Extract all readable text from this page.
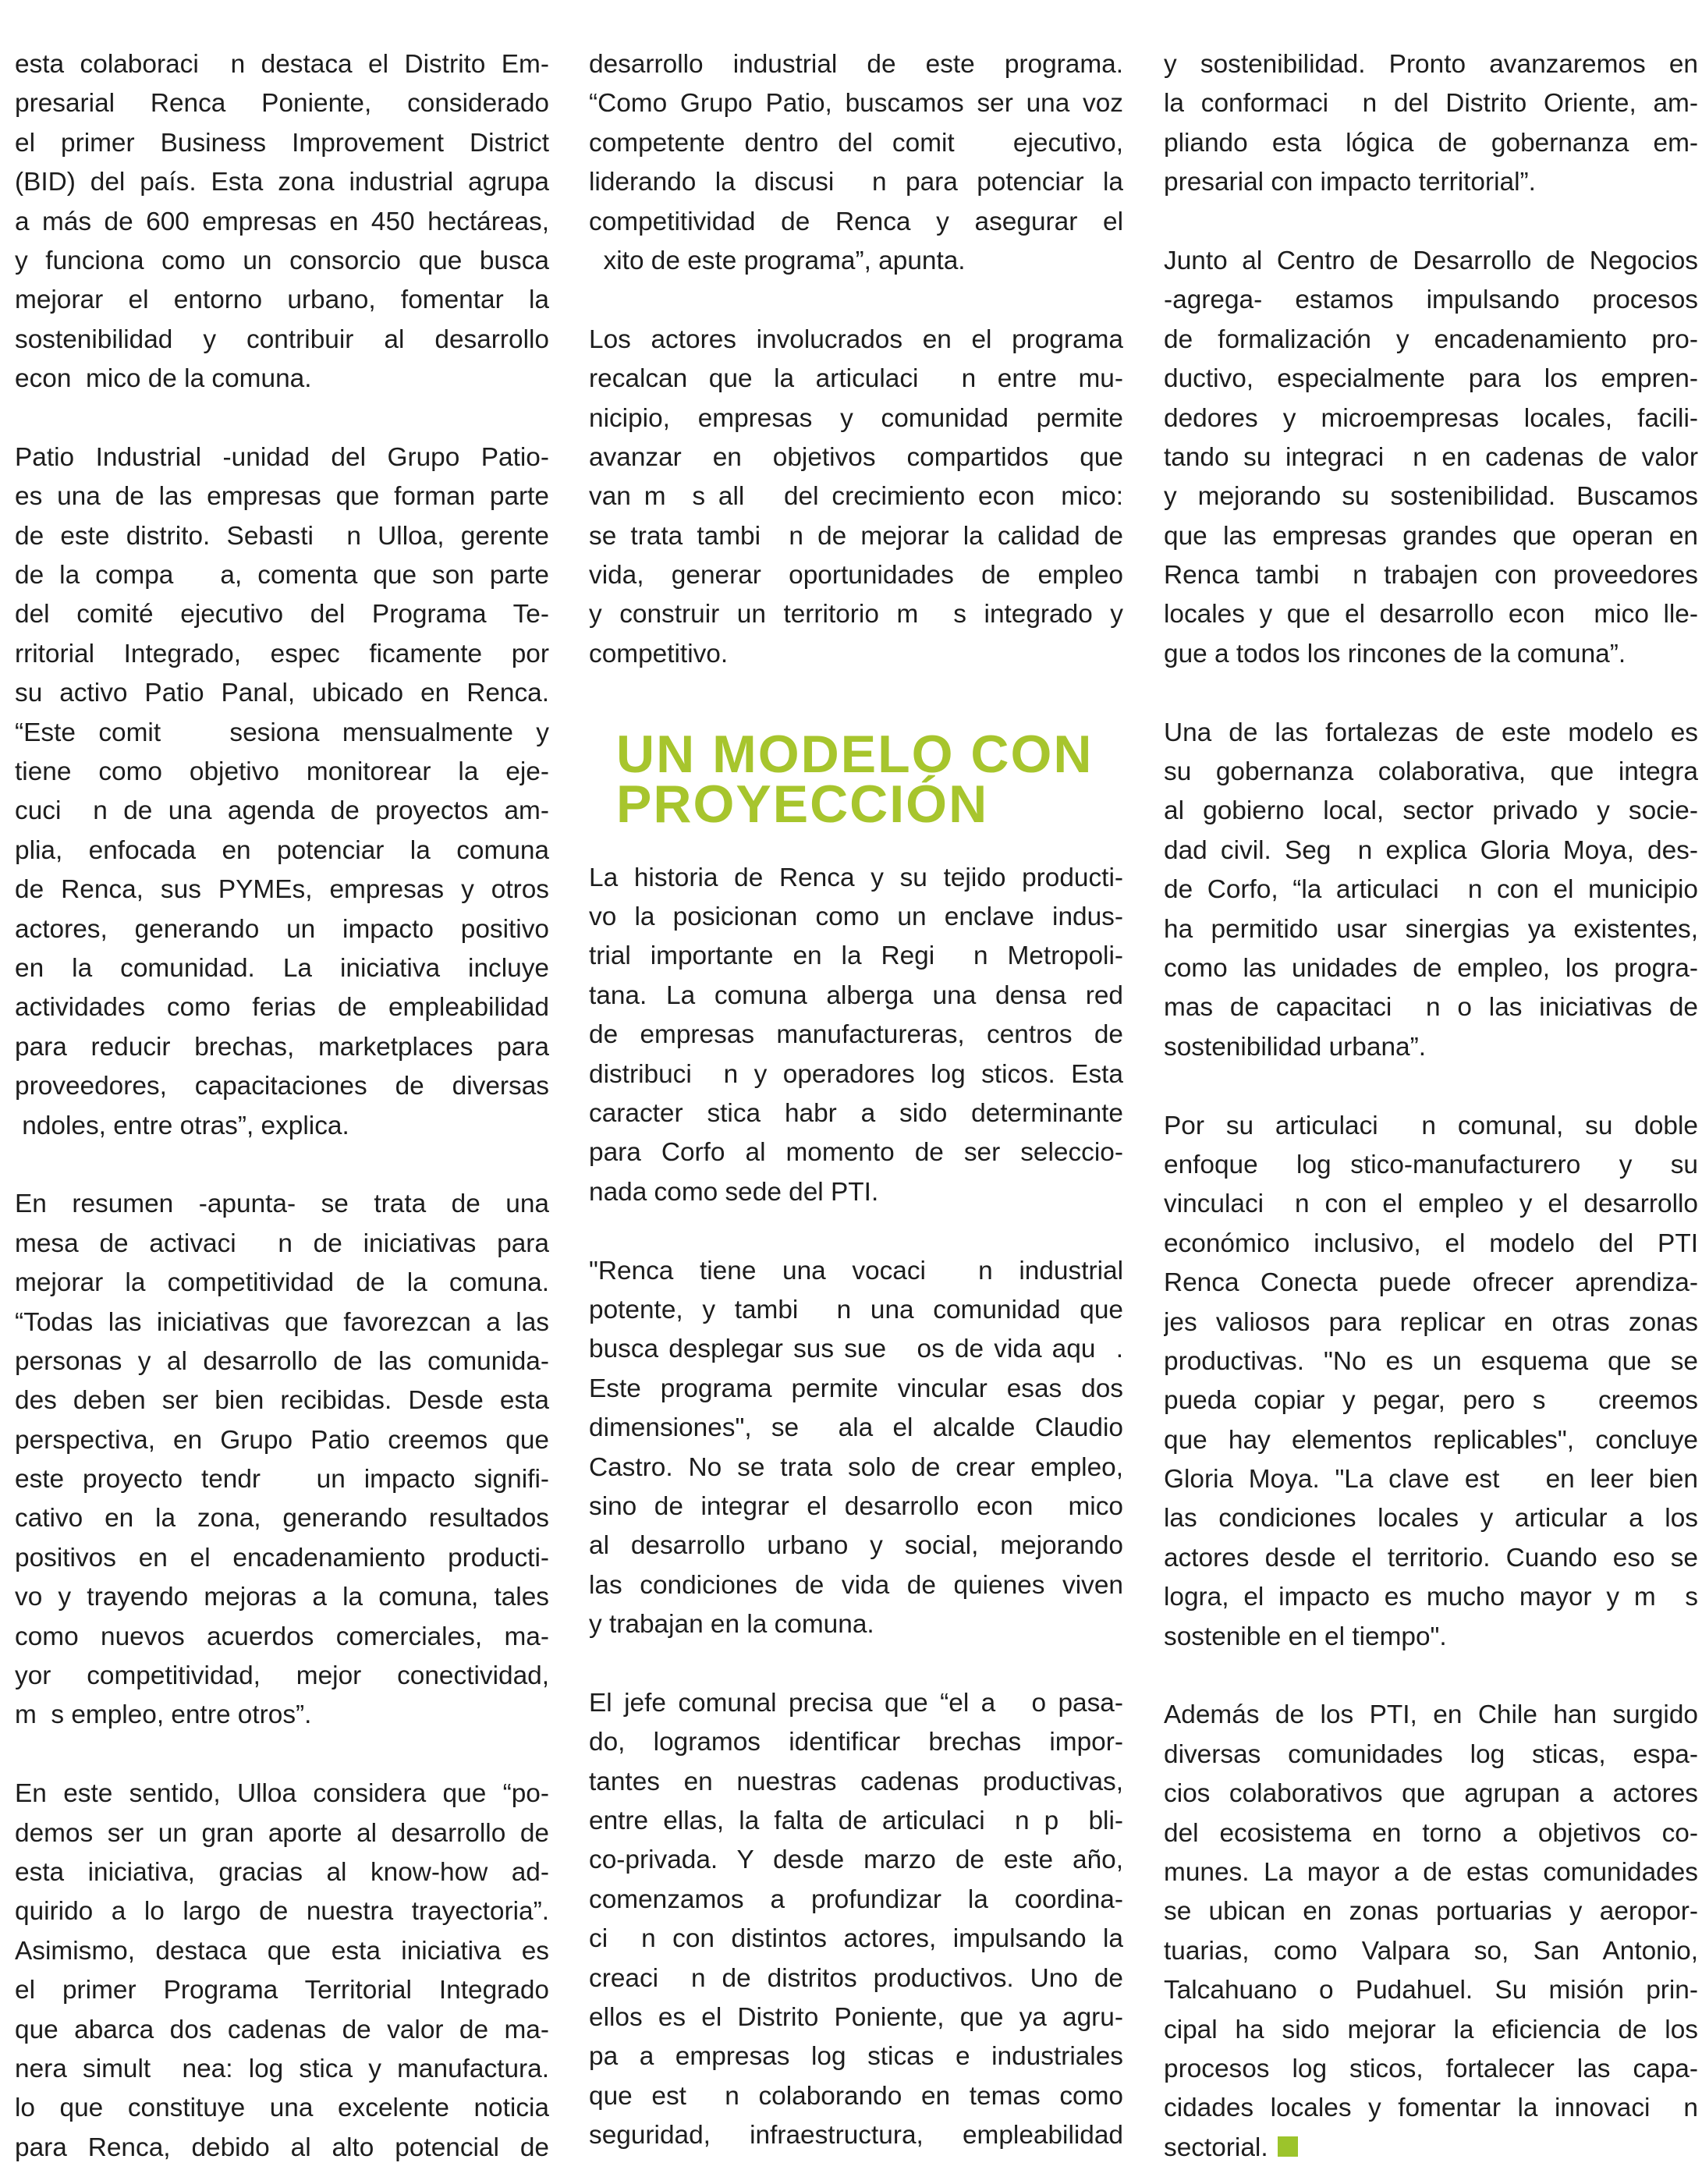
esta colaboraci  n destaca el Distrito Em-
presarial Renca Poniente, considerado
el primer Business Improvement District
(BID) del país. Esta zona industrial agrupa
a más de 600 empresas en 450 hectáreas,
y funciona como un consorcio que busca
mejorar el entorno urbano, fomentar la
sostenibilidad y contribuir al desarrollo
econ  mico de la comuna.
Patio Industrial -unidad del Grupo Patio-
es una de las empresas que forman parte
de este distrito. Sebasti  n Ulloa, gerente
de la compa   a, comenta que son parte
del comité ejecutivo del Programa Te-
rritorial Integrado, espec ficamente por
su activo Patio Panal, ubicado en Renca.
“Este comit   sesiona mensualmente y
tiene como objetivo monitorear la eje-
cuci  n de una agenda de proyectos am-
plia, enfocada en potenciar la comuna
de Renca, sus PYMEs, empresas y otros
actores, generando un impacto positivo
en la comunidad. La iniciativa incluye
actividades como ferias de empleabilidad
para reducir brechas, marketplaces para
proveedores, capacitaciones de diversas
ndoles, entre otras”, explica.
En resumen -apunta- se trata de una
mesa de activaci  n de iniciativas para
mejorar la competitividad de la comuna.
“Todas las iniciativas que favorezcan a las
personas y al desarrollo de las comunida-
des deben ser bien recibidas. Desde esta
perspectiva, en Grupo Patio creemos que
este proyecto tendr   un impacto signifi-
cativo en la zona, generando resultados
positivos en el encadenamiento producti-
vo y trayendo mejoras a la comuna, tales
como nuevos acuerdos comerciales, ma-
yor competitividad, mejor conectividad,
m  s empleo, entre otros”.
En este sentido, Ulloa considera que “po-
demos ser un gran aporte al desarrollo de
esta iniciativa, gracias al know-how ad-
quirido a lo largo de nuestra trayectoria”.
Asimismo, destaca que esta iniciativa es
el primer Programa Territorial Integrado
que abarca dos cadenas de valor de ma-
nera simult  nea: log stica y manufactura.
lo que constituye una excelente noticia
para Renca, debido al alto potencial de
desarrollo industrial de este programa.
“Como Grupo Patio, buscamos ser una voz
competente dentro del comit   ejecutivo,
liderando la discusi  n para potenciar la
competitividad de Renca y asegurar el
xito de este programa”, apunta.
Los actores involucrados en el programa
recalcan que la articulaci  n entre mu-
nicipio, empresas y comunidad permite
avanzar en objetivos compartidos que
van m  s all   del crecimiento econ  mico:
se trata tambi  n de mejorar la calidad de
vida, generar oportunidades de empleo
y construir un territorio m  s integrado y
competitivo.
UN MODELO CON
PROYECCIÓN
La historia de Renca y su tejido producti-
vo la posicionan como un enclave indus-
trial importante en la Regi  n Metropoli-
tana. La comuna alberga una densa red
de empresas manufactureras, centros de
distribuci  n y operadores log sticos. Esta
caracter stica habr a sido determinante
para Corfo al momento de ser seleccio-
nada como sede del PTI.
"Renca tiene una vocaci  n industrial
potente, y tambi  n una comunidad que
busca desplegar sus sue   os de vida aqu  .
Este programa permite vincular esas dos
dimensiones", se  ala el alcalde Claudio
Castro. No se trata solo de crear empleo,
sino de integrar el desarrollo econ  mico
al desarrollo urbano y social, mejorando
las condiciones de vida de quienes viven
y trabajan en la comuna.
El jefe comunal precisa que “el a   o pasa-
do, logramos identificar brechas impor-
tantes en nuestras cadenas productivas,
entre ellas, la falta de articulaci  n p  bli-
co-privada. Y desde marzo de este año,
comenzamos a profundizar la coordina-
ci  n con distintos actores, impulsando la
creaci  n de distritos productivos. Uno de
ellos es el Distrito Poniente, que ya agru-
pa a empresas log sticas e industriales
que est  n colaborando en temas como
seguridad, infraestructura, empleabilidad
y sostenibilidad. Pronto avanzaremos en
la conformaci  n del Distrito Oriente, am-
pliando esta lógica de gobernanza em-
presarial con impacto territorial”.
Junto al Centro de Desarrollo de Negocios
-agrega- estamos impulsando procesos
de formalización y encadenamiento pro-
ductivo, especialmente para los empren-
dedores y microempresas locales, facili-
tando su integraci  n en cadenas de valor
y mejorando su sostenibilidad. Buscamos
que las empresas grandes que operan en
Renca tambi  n trabajen con proveedores
locales y que el desarrollo econ  mico lle-
gue a todos los rincones de la comuna”.
Una de las fortalezas de este modelo es
su gobernanza colaborativa, que integra
al gobierno local, sector privado y socie-
dad civil. Seg  n explica Gloria Moya, des-
de Corfo, “la articulaci  n con el municipio
ha permitido usar sinergias ya existentes,
como las unidades de empleo, los progra-
mas de capacitaci  n o las iniciativas de
sostenibilidad urbana”.
Por su articulaci  n comunal, su doble
enfoque  log stico-manufacturero  y  su
vinculaci  n con el empleo y el desarrollo
económico inclusivo, el modelo del PTI
Renca Conecta puede ofrecer aprendiza-
jes valiosos para replicar en otras zonas
productivas. "No es un esquema que se
pueda copiar y pegar, pero s   creemos
que hay elementos replicables", concluye
Gloria Moya. "La clave est   en leer bien
las condiciones locales y articular a los
actores desde el territorio. Cuando eso se
logra, el impacto es mucho mayor y m  s
sostenible en el tiempo".
Además de los PTI, en Chile han surgido
diversas comunidades log sticas, espa-
cios colaborativos que agrupan a actores
del ecosistema en torno a objetivos co-
munes. La mayor a de estas comunidades
se ubican en zonas portuarias y aeropor-
tuarias, como Valpara so, San Antonio,
Talcahuano o Pudahuel. Su misión prin-
cipal ha sido mejorar la eficiencia de los
procesos log sticos, fortalecer las capa-
cidades locales y fomentar la innovaci  n
sectorial.
